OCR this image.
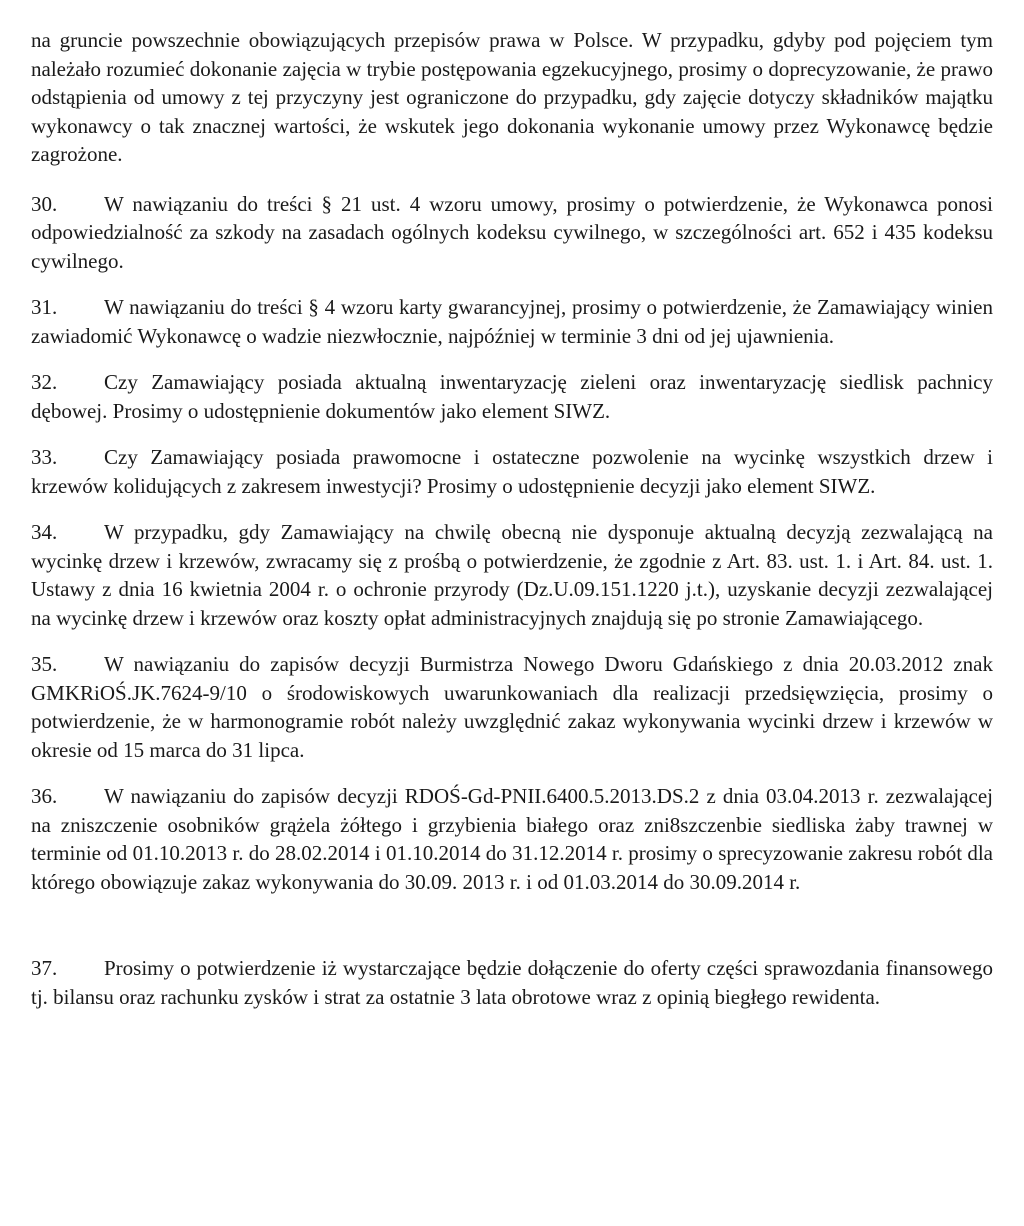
na gruncie powszechnie obowiązujących przepisów prawa w Polsce. W przypadku, gdyby pod pojęciem tym należało rozumieć dokonanie zajęcia w trybie postępowania egzekucyjnego, prosimy o doprecyzowanie, że prawo odstąpienia od umowy z tej przyczyny jest ograniczone do przypadku, gdy zajęcie dotyczy składników majątku wykonawcy o tak znacznej wartości, że wskutek jego dokonania wykonanie umowy przez Wykonawcę będzie zagrożone.

30. W nawiązaniu do treści § 21 ust. 4 wzoru umowy, prosimy o potwierdzenie, że Wykonawca ponosi odpowiedzialność za szkody na zasadach ogólnych kodeksu cywilnego, w szczególności art. 652 i 435 kodeksu cywilnego.

31. W nawiązaniu do treści § 4 wzoru karty gwarancyjnej, prosimy o potwierdzenie, że Zamawiający winien zawiadomić Wykonawcę o wadzie niezwłocznie, najpóźniej w terminie 3 dni od jej ujawnienia.

32. Czy Zamawiający posiada aktualną inwentaryzację zieleni oraz inwentaryzację siedlisk pachnicy dębowej. Prosimy o udostępnienie dokumentów jako element SIWZ.

33. Czy Zamawiający posiada prawomocne i ostateczne pozwolenie na wycinkę wszystkich drzew i krzewów kolidujących z zakresem inwestycji? Prosimy o udostępnienie decyzji jako element SIWZ.

34. W przypadku, gdy Zamawiający na chwilę obecną nie dysponuje aktualną decyzją zezwalającą na wycinkę drzew i krzewów, zwracamy się z prośbą o potwierdzenie, że zgodnie z Art. 83. ust. 1. i Art. 84. ust. 1. Ustawy z dnia 16 kwietnia 2004 r. o ochronie przyrody (Dz.U.09.151.1220 j.t.), uzyskanie decyzji zezwalającej na wycinkę drzew i krzewów oraz koszty opłat administracyjnych znajdują się po stronie Zamawiającego.

35. W nawiązaniu do zapisów decyzji Burmistrza Nowego Dworu Gdańskiego z dnia 20.03.2012 znak GMKRiOŚ.JK.7624-9/10 o środowiskowych uwarunkowaniach dla realizacji przedsięwzięcia, prosimy o potwierdzenie, że w harmonogramie robót należy uwzględnić zakaz wykonywania wycinki drzew i krzewów w okresie od 15 marca do 31 lipca.

36. W nawiązaniu do zapisów decyzji RDOŚ-Gd-PNII.6400.5.2013.DS.2 z dnia 03.04.2013 r. zezwalającej na zniszczenie osobników grążela żółtego i grzybienia białego oraz zni8szczenbie siedliska żaby trawnej w terminie od 01.10.2013 r. do 28.02.2014 i 01.10.2014 do 31.12.2014 r. prosimy o sprecyzowanie zakresu robót dla którego obowiązuje zakaz wykonywania do 30.09. 2013 r. i od 01.03.2014 do 30.09.2014 r.

37. Prosimy o potwierdzenie iż wystarczające będzie dołączenie do oferty części sprawozdania finansowego tj. bilansu oraz rachunku zysków i strat za ostatnie 3 lata obrotowe wraz z opinią biegłego rewidenta.
